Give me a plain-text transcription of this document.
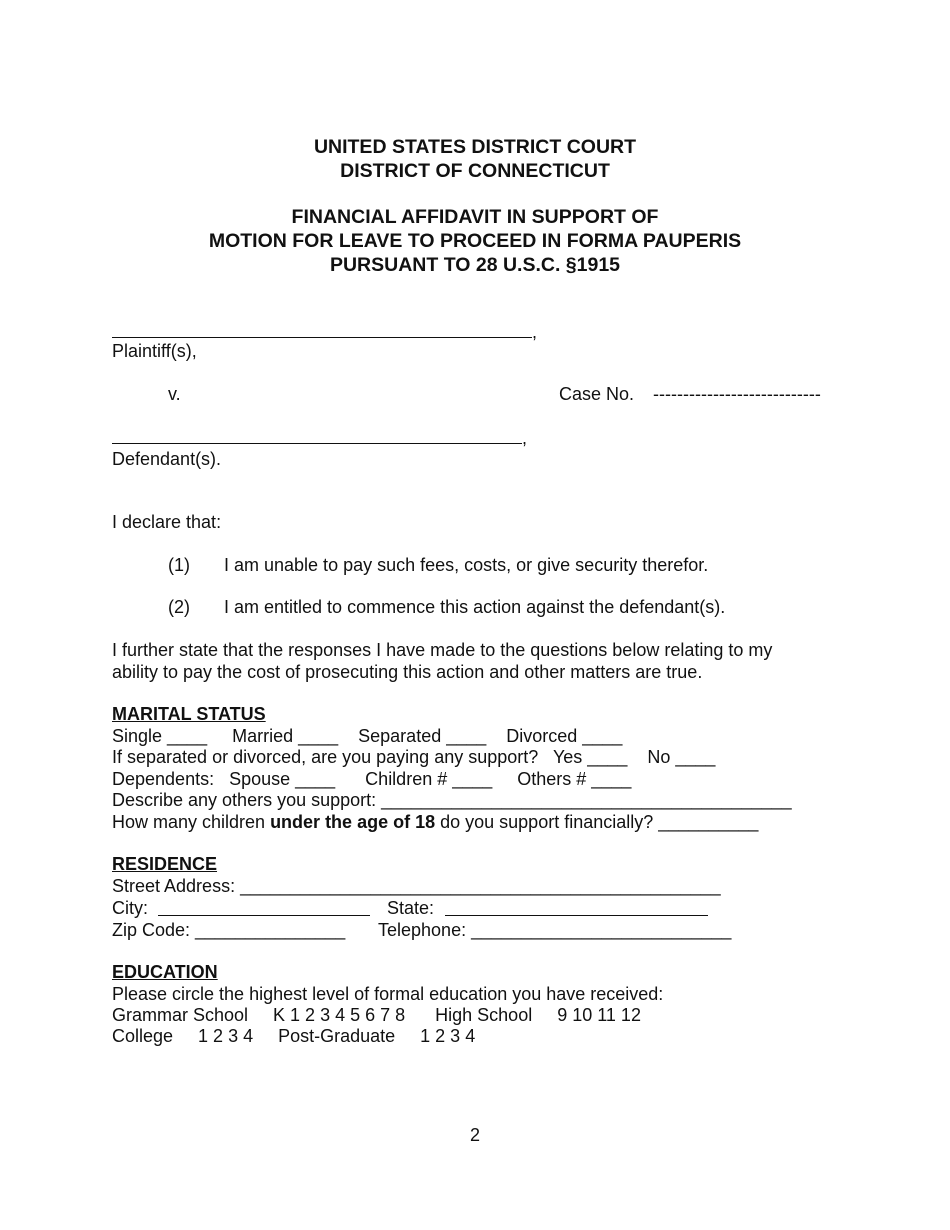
UNITED STATES DISTRICT COURT
DISTRICT OF CONNECTICUT
FINANCIAL AFFIDAVIT IN SUPPORT OF
MOTION FOR LEAVE TO PROCEED IN FORMA PAUPERIS
PURSUANT TO 28 U.S.C. §1915
,
Plaintiff(s),
v.	Case No. ----------------------------
,
Defendant(s).
I declare that:
(1) I am unable to pay such fees, costs, or give security therefor.
(2) I am entitled to commence this action against the defendant(s).
I further state that the responses I have made to the questions below relating to my
ability to pay the cost of prosecuting this action and other matters are true.
MARITAL STATUS
Single ____     Married ____    Separated ____    Divorced ____
If separated or divorced, are you paying any support?   Yes ____    No ____
Dependents:   Spouse ____      Children # ____     Others # ____
Describe any others you support: _________________________________________
How many children under the age of 18 do you support financially? __________
RESIDENCE
Street Address: ________________________________________________
City:	State:
Zip Code: _______________ Telephone: __________________________
EDUCATION
Please circle the highest level of formal education you have received:
Grammar School     K 1 2 3 4 5 6 7 8      High School     9 10 11 12
College     1 2 3 4     Post-Graduate     1 2 3 4
2
